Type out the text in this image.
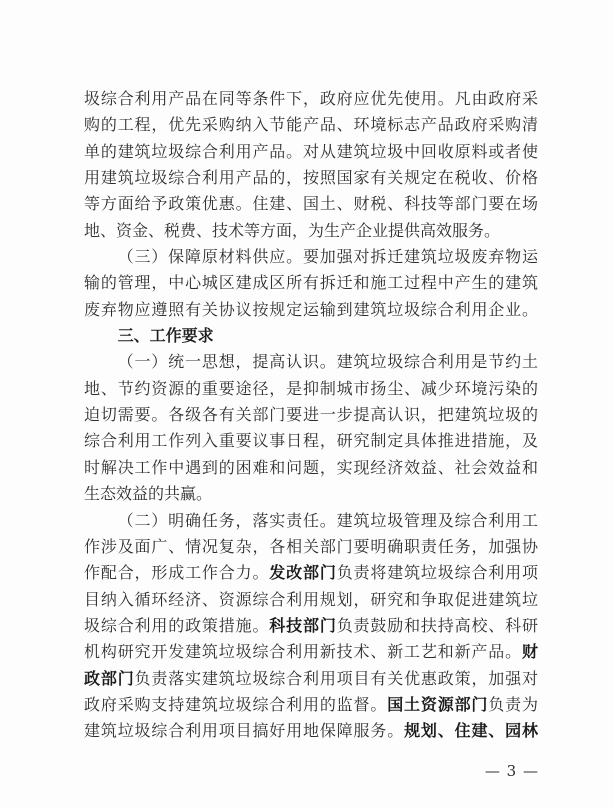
圾综合利用产品在同等条件下，政府应优先使用。凡由政府采
购的工程，优先采购纳入节能产品、环境标志产品政府采购清
单的建筑垃圾综合利用产品。对从建筑垃圾中回收原料或者使
用建筑垃圾综合利用产品的，按照国家有关规定在税收、价格
等方面给予政策优惠。住建、国土、财税、科技等部门要在场
地、资金、税费、技术等方面，为生产企业提供高效服务。
（三）保障原材料供应。要加强对拆迁建筑垃圾废弃物运
输的管理，中心城区建成区所有拆迁和施工过程中产生的建筑
废弃物应遵照有关协议按规定运输到建筑垃圾综合利用企业。
三、工作要求
（一）统一思想，提高认识。建筑垃圾综合利用是节约土
地、节约资源的重要途径，是抑制城市扬尘、减少环境污染的
迫切需要。各级各有关部门要进一步提高认识，把建筑垃圾的
综合利用工作列入重要议事日程，研究制定具体推进措施，及
时解决工作中遇到的困难和问题，实现经济效益、社会效益和
生态效益的共赢。
（二）明确任务，落实责任。建筑垃圾管理及综合利用工
作涉及面广、情况复杂，各相关部门要明确职责任务，加强协
作配合，形成工作合力。发改部门负责将建筑垃圾综合利用项
目纳入循环经济、资源综合利用规划，研究和争取促进建筑垃
圾综合利用的政策措施。科技部门负责鼓励和扶持高校、科研
机构研究开发建筑垃圾综合利用新技术、新工艺和新产品。财
政部门负责落实建筑垃圾综合利用项目有关优惠政策，加强对
政府采购支持建筑垃圾综合利用的监督。国土资源部门负责为
建筑垃圾综合利用项目搞好用地保障服务。规划、住建、园林
— 3 —
